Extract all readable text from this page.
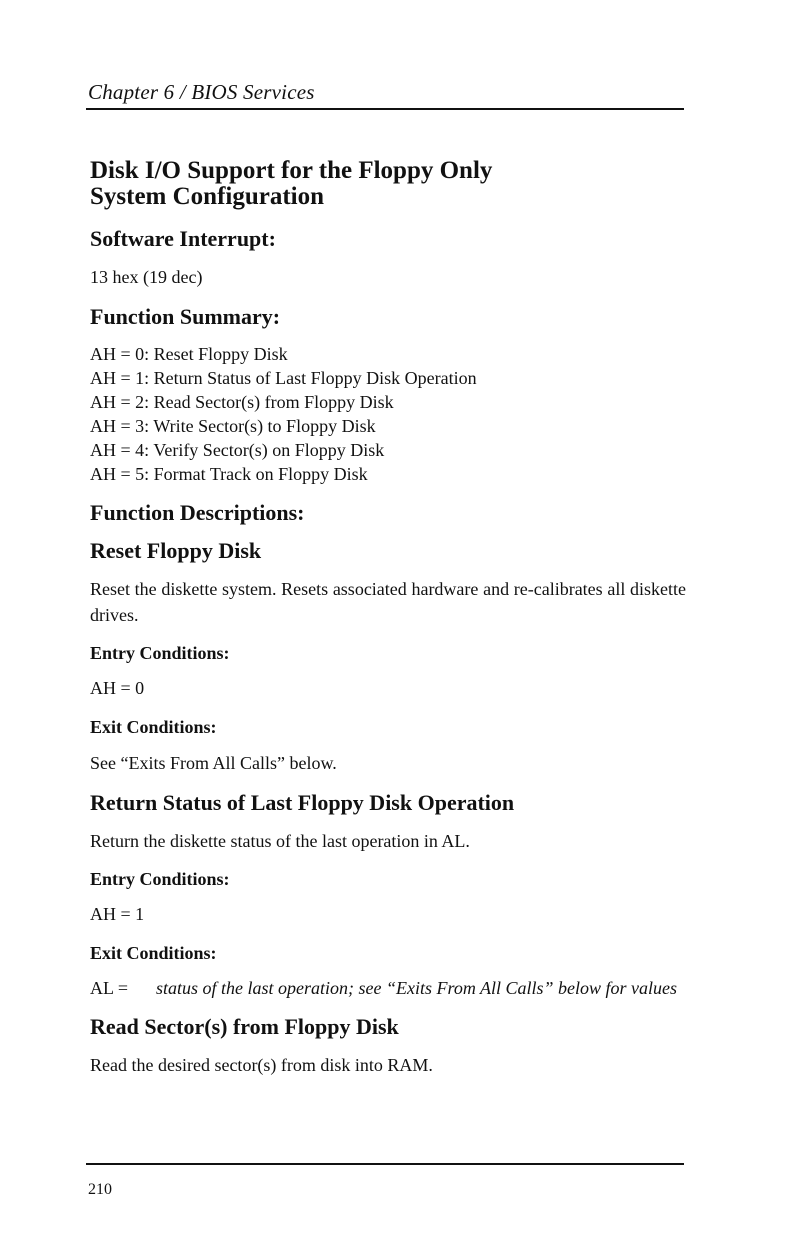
Chapter 6 / BIOS Services
Disk I/O Support for the Floppy Only
System Configuration
Software Interrupt:
13 hex (19 dec)
Function Summary:
AH = 0: Reset Floppy Disk
AH = 1: Return Status of Last Floppy Disk Operation
AH = 2: Read Sector(s) from Floppy Disk
AH = 3: Write Sector(s) to Floppy Disk
AH = 4: Verify Sector(s) on Floppy Disk
AH = 5: Format Track on Floppy Disk
Function Descriptions:
Reset Floppy Disk
Reset the diskette system. Resets associated hardware and re-calibrates all diskette drives.
Entry Conditions:
AH = 0
Exit Conditions:
See “Exits From All Calls” below.
Return Status of Last Floppy Disk Operation
Return the diskette status of the last operation in AL.
Entry Conditions:
AH = 1
Exit Conditions:
AL =	status of the last operation; see “Exits From All Calls” below for values
Read Sector(s) from Floppy Disk
Read the desired sector(s) from disk into RAM.
210
